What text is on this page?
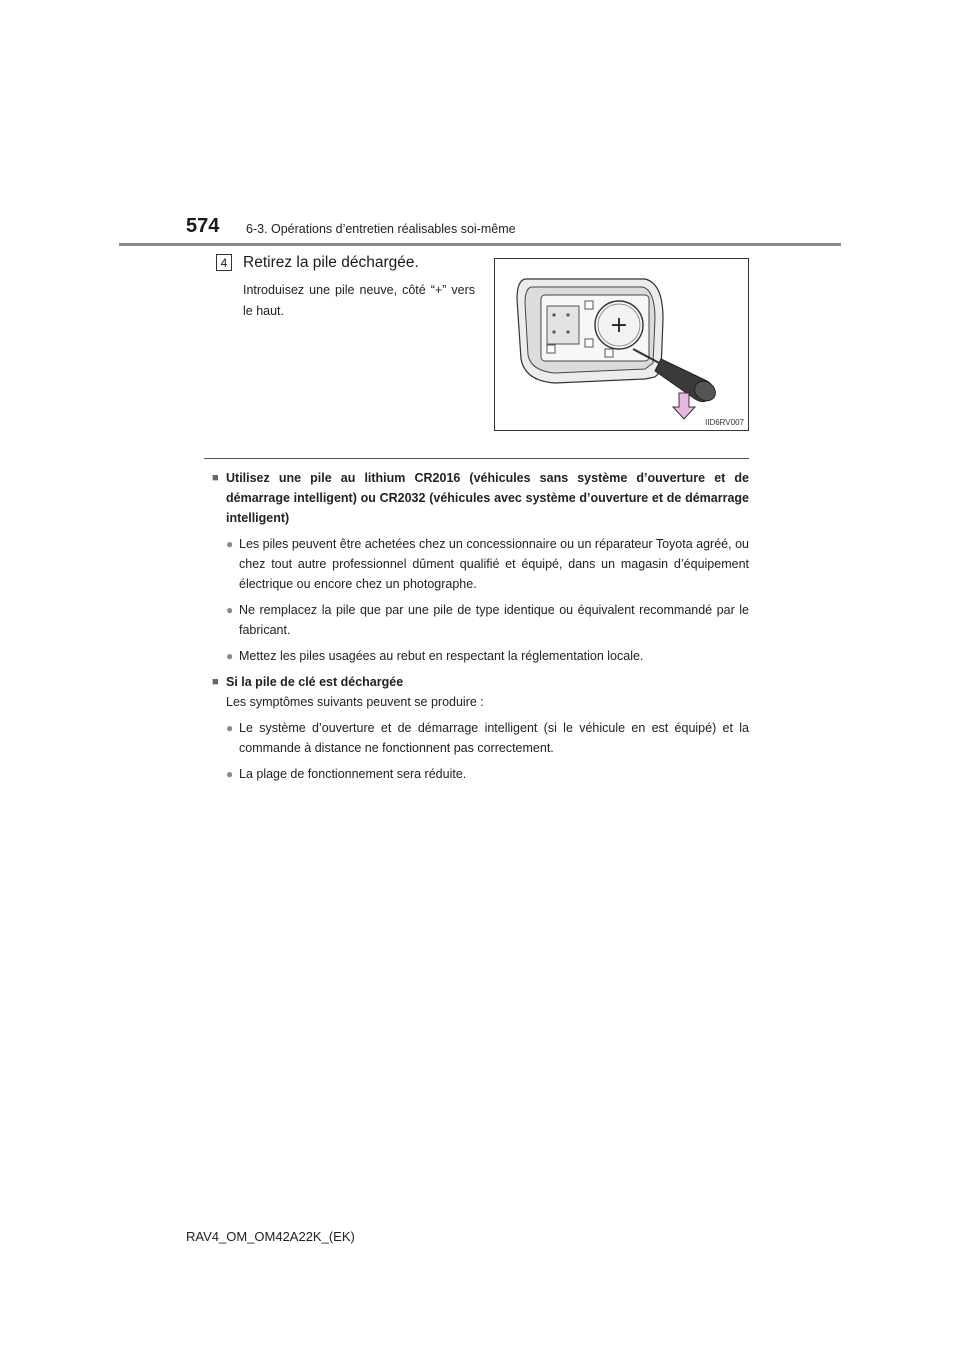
574 6-3. Opérations d’entretien réalisables soi-même
4	Retirez la pile déchargée.
Introduisez une pile neuve, côté “+” vers le haut.
+
IID6RV007
■ Utilisez une pile au lithium CR2016 (véhicules sans système d’ouverture et de démarrage intelligent) ou CR2032 (véhicules avec système d’ouverture et de démarrage intelligent)
● Les piles peuvent être achetées chez un concessionnaire ou un réparateur Toyota agréé, ou chez tout autre professionnel dûment qualifié et équipé, dans un magasin d’équipement électrique ou encore chez un photographe.
● Ne remplacez la pile que par une pile de type identique ou équivalent recommandé par le fabricant.
● Mettez les piles usagées au rebut en respectant la réglementation locale.
■ Si la pile de clé est déchargée
Les symptômes suivants peuvent se produire :
● Le système d’ouverture et de démarrage intelligent (si le véhicule en est équipé) et la commande à distance ne fonctionnent pas correctement.
● La plage de fonctionnement sera réduite.
RAV4_OM_OM42A22K_(EK)
